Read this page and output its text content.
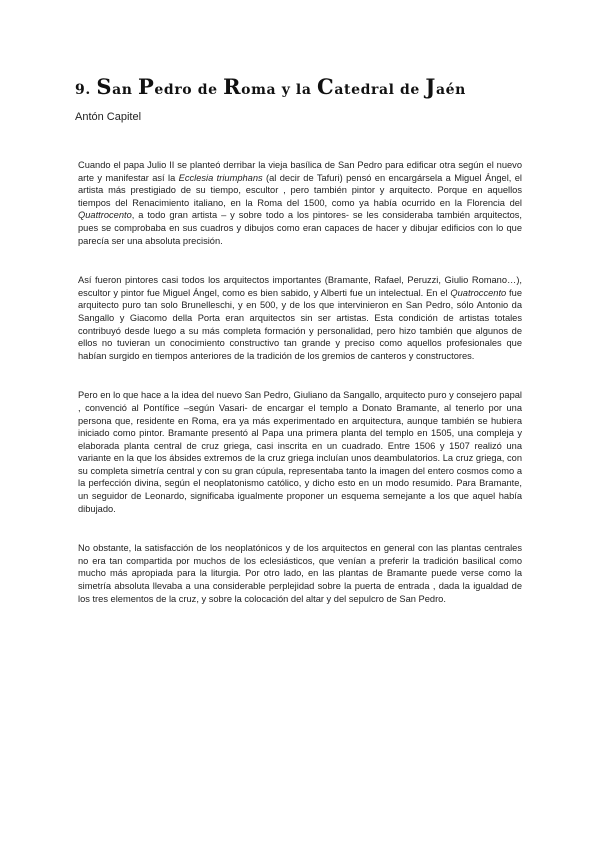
9. San Pedro de Roma y la Catedral de Jaén
Antón Capitel

Cuando el papa Julio II se planteó derribar la vieja basílica de San Pedro para edificar otra según el nuevo arte y manifestar así la Ecclesia triumphans (al decir de Tafuri) pensó en encargársela a Miguel Ángel, el artista más prestigiado de su tiempo, escultor , pero también pintor y arquitecto. Porque en aquellos tiempos del Renacimiento italiano, en la Roma del 1500, como ya había ocurrido en la Florencia del Quattrocento, a todo gran artista – y sobre todo a los pintores- se les consideraba también arquitectos, pues se comprobaba en sus cuadros y dibujos como eran capaces de hacer y dibujar edificios con lo que parecía ser una absoluta precisión.

Así fueron pintores casi todos los arquitectos importantes (Bramante, Rafael, Peruzzi, Giulio Romano…), escultor y pintor fue Miguel Ángel, como es bien sabido, y Alberti fue un intelectual. En el Quatroccento fue arquitecto puro tan solo Brunelleschi, y en 500, y de los que intervinieron en San Pedro, sólo Antonio da Sangallo y Giacomo della Porta eran arquitectos sin ser artistas. Esta condición de artistas totales contribuyó desde luego a su más completa formación y personalidad, pero hizo también que algunos de ellos no tuvieran un conocimiento constructivo tan grande y preciso como aquellos profesionales que habían surgido en tiempos anteriores de la tradición de los gremios de canteros y constructores.

Pero en lo que hace a la idea del nuevo San Pedro, Giuliano da Sangallo, arquitecto puro y consejero papal , convenció al Pontífice –según Vasari- de encargar el templo a Donato Bramante, al tenerlo por una persona que, residente en Roma, era ya más experimentado en arquitectura, aunque también se hubiera iniciado como pintor. Bramante presentó al Papa una primera planta del templo en 1505, una compleja y elaborada planta central de cruz griega, casi inscrita en un cuadrado. Entre 1506 y 1507 realizó una variante en la que los ábsides extremos de la cruz griega incluían unos deambulatorios. La cruz griega, con su completa simetría central y con su gran cúpula, representaba tanto la imagen del entero cosmos como a la perfección divina, según el neoplatonismo católico, y dicho esto en un modo resumido. Para Bramante, un seguidor de Leonardo, significaba igualmente proponer un esquema semejante a los que aquel había dibujado.

No obstante, la satisfacción de los neoplatónicos y de los arquitectos en general con las plantas centrales no era tan compartida por muchos de los eclesiásticos, que venían a preferir la tradición basilical como mucho más apropiada para la liturgia. Por otro lado, en las plantas de Bramante puede verse como la simetría absoluta llevaba a una considerable perplejidad sobre la puerta de entrada , dada la igualdad de los tres elementos de la cruz, y sobre la colocación del altar y del sepulcro de San Pedro.
